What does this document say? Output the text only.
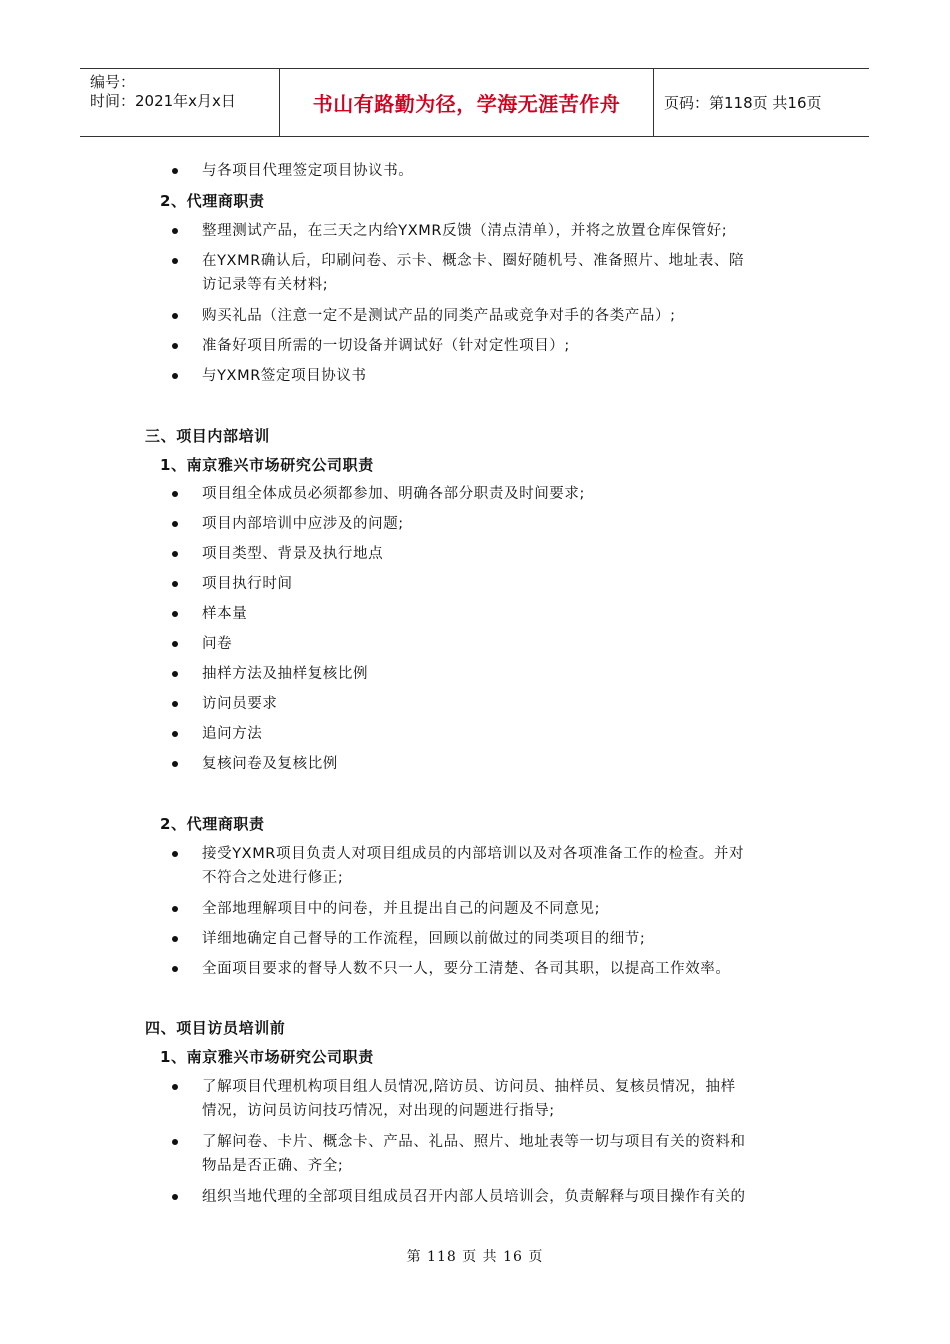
编号：
时间：2021年x月x日	书山有路勤为径，学海无涯苦作舟	页码：第118页 共16页
与各项目代理签定项目协议书。
2、代理商职责
整理测试产品，在三天之内给YXMR反馈（清点清单），并将之放置仓库保管好;
在YXMR确认后，印刷问卷、示卡、概念卡、圈好随机号、准备照片、地址表、陪
访记录等有关材料;
购买礼品（注意一定不是测试产品的同类产品或竞争对手的各类产品）;
准备好项目所需的一切设备并调试好（针对定性项目）;
与YXMR签定项目协议书
三、项目内部培训
1、南京雅兴市场研究公司职责
项目组全体成员必须都参加、明确各部分职责及时间要求;
项目内部培训中应涉及的问题;
项目类型、背景及执行地点
项目执行时间
样本量
问卷
抽样方法及抽样复核比例
访问员要求
追问方法
复核问卷及复核比例
2、代理商职责
接受YXMR项目负责人对项目组成员的内部培训以及对各项准备工作的检查。并对
不符合之处进行修正;
全部地理解项目中的问卷，并且提出自己的问题及不同意见;
详细地确定自己督导的工作流程，回顾以前做过的同类项目的细节;
全面项目要求的督导人数不只一人，要分工清楚、各司其职，以提高工作效率。
四、项目访员培训前
1、南京雅兴市场研究公司职责
了解项目代理机构项目组人员情况,陪访员、访问员、抽样员、复核员情况，抽样
情况，访问员访问技巧情况，对出现的问题进行指导;
了解问卷、卡片、概念卡、产品、礼品、照片、地址表等一切与项目有关的资料和
物品是否正确、齐全;
组织当地代理的全部项目组成员召开内部人员培训会，负责解释与项目操作有关的
第 118 页 共 16 页
